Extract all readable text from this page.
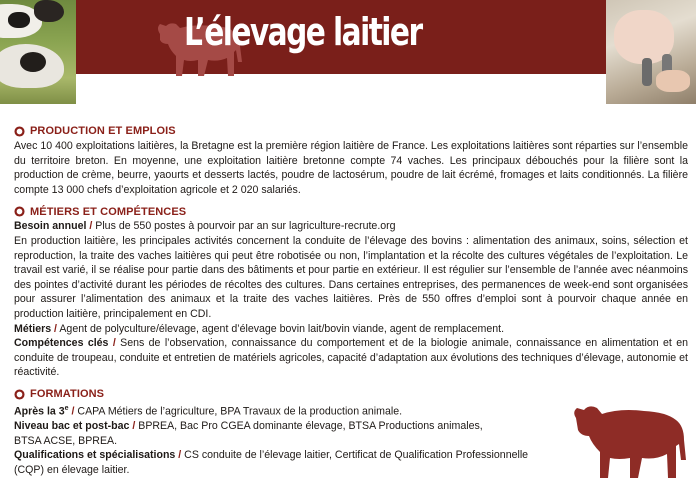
L’élevage laitier
PRODUCTION ET EMPLOIS

Avec 10 400 exploitations laitières, la Bretagne est la première région laitière de France. Les exploitations laitières sont réparties sur l’ensemble du territoire breton. En moyenne, une exploitation laitière bretonne compte 74 vaches. Les principaux débouchés pour la filière sont la production de crème, beurre, yaourts et desserts lactés, poudre de lactosérum, poudre de lait écrémé, fromages et laits conditionnés. La filière compte 13 000 chefs d’exploitation agricole et 2 020 salariés.

MÉTIERS ET COMPÉTENCES

Besoin annuel / Plus de 550 postes à pourvoir par an sur lagriculture-recrute.org

En production laitière, les principales activités concernent la conduite de l’élevage des bovins : alimentation des animaux, soins, sélection et reproduction, la traite des vaches laitières qui peut être robotisée ou non, l’implantation et la récolte des cultures végétales de l’exploitation. Le travail est varié, il se réalise pour partie dans des bâtiments et pour partie en extérieur. Il est régulier sur l’ensemble de l’année avec néanmoins des pointes d’activité durant les périodes de récoltes des cultures. Dans certaines entreprises, des permanences de week-end sont organisées pour assurer l’alimentation des animaux et la traite des vaches laitières. Près de 550 offres d’emploi sont à pourvoir chaque année en production laitière, principalement en CDI.

Métiers / Agent de polyculture/élevage, agent d’élevage bovin lait/bovin viande, agent de remplacement.

Compétences clés / Sens de l’observation, connaissance du comportement et de la biologie animale, connaissance en alimentation et en conduite de troupeau, conduite et entretien de matériels agricoles, capacité d’adaptation aux évolutions des techniques d’élevage, autonomie et réactivité.

FORMATIONS

Après la 3e / CAPA Métiers de l’agriculture, BPA Travaux de la production animale.

Niveau bac et post-bac / BPREA, Bac Pro CGEA dominante élevage, BTSA Productions animales,

BTSA ACSE, BPREA.

Qualifications et spécialisations / CS conduite de l’élevage laitier, Certificat de Qualification Professionnelle

(CQP) en élevage laitier.
